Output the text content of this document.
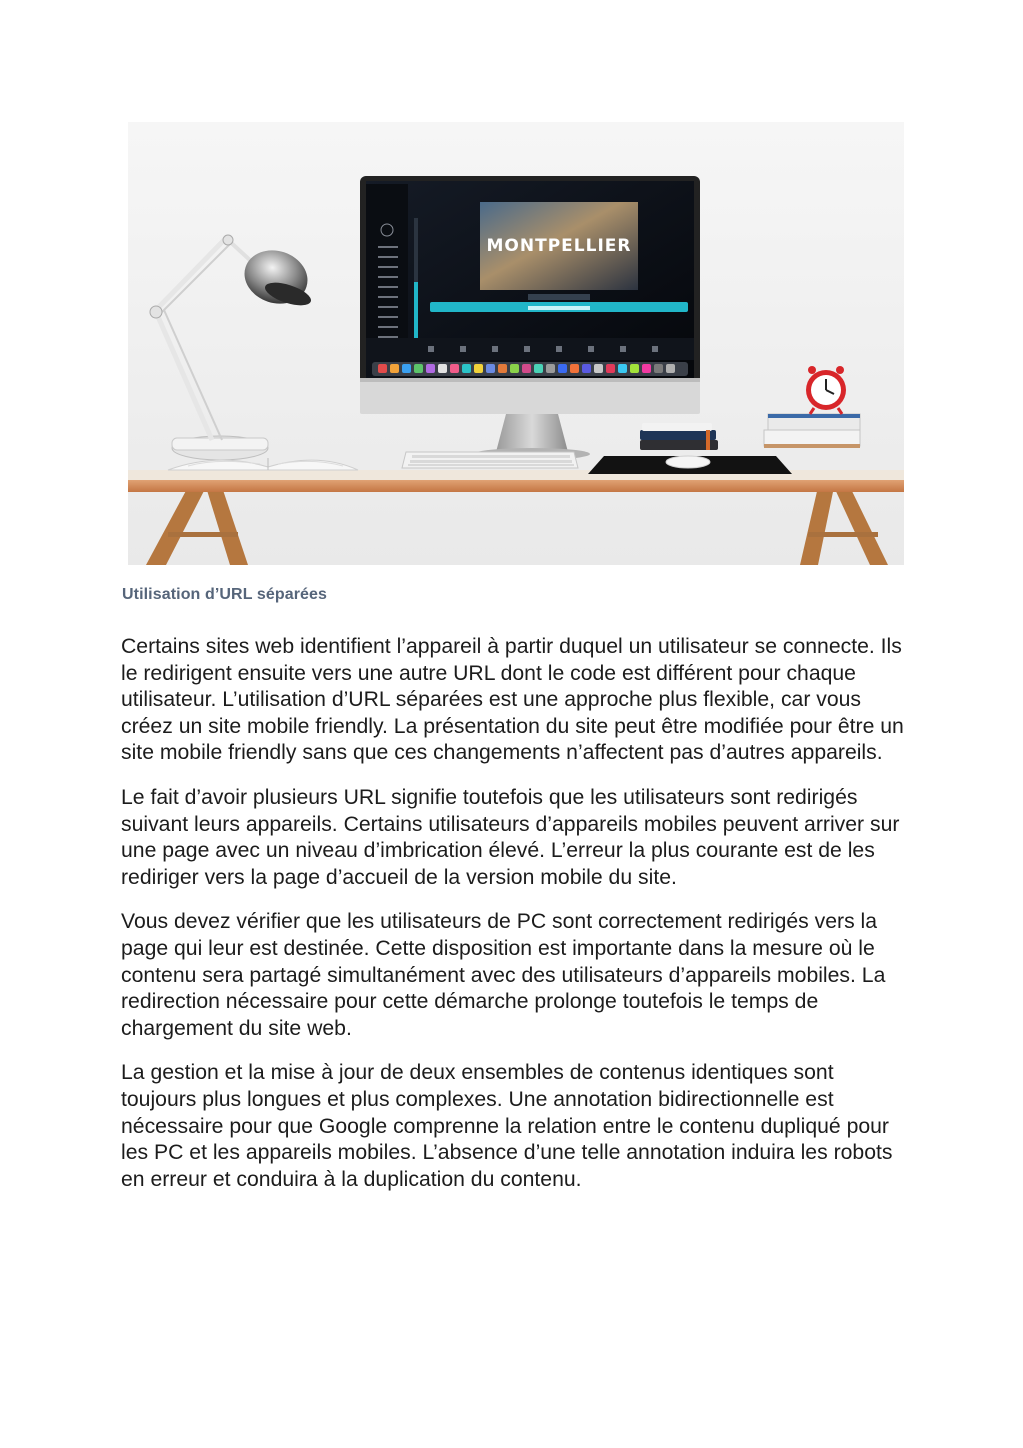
MONTPELLIER
Utilisation d’URL séparées

Certains sites web identifient l’appareil à partir duquel un utilisateur se connecte. Ils le redirigent ensuite vers une autre URL dont le code est différent pour chaque utilisateur. L’utilisation d’URL séparées est une approche plus flexible, car vous créez un site mobile friendly. La présentation du site peut être modifiée pour être un site mobile friendly sans que ces changements n’affectent pas d’autres appareils.

Le fait d’avoir plusieurs URL signifie toutefois que les utilisateurs sont redirigés suivant leurs appareils. Certains utilisateurs d’appareils mobiles peuvent arriver sur une page avec un niveau d’imbrication élevé. L’erreur la plus courante est de les rediriger vers la page d’accueil de la version mobile du site.

Vous devez vérifier que les utilisateurs de PC sont correctement redirigés vers la page qui leur est destinée. Cette disposition est importante dans la mesure où le contenu sera partagé simultanément avec des utilisateurs d’appareils mobiles. La redirection nécessaire pour cette démarche prolonge toutefois le temps de chargement du site web.

La gestion et la mise à jour de deux ensembles de contenus identiques sont toujours plus longues et plus complexes. Une annotation bidirectionnelle est nécessaire pour que Google comprenne la relation entre le contenu dupliqué pour les PC et les appareils mobiles. L’absence d’une telle annotation induira les robots en erreur et conduira à la duplication du contenu.
